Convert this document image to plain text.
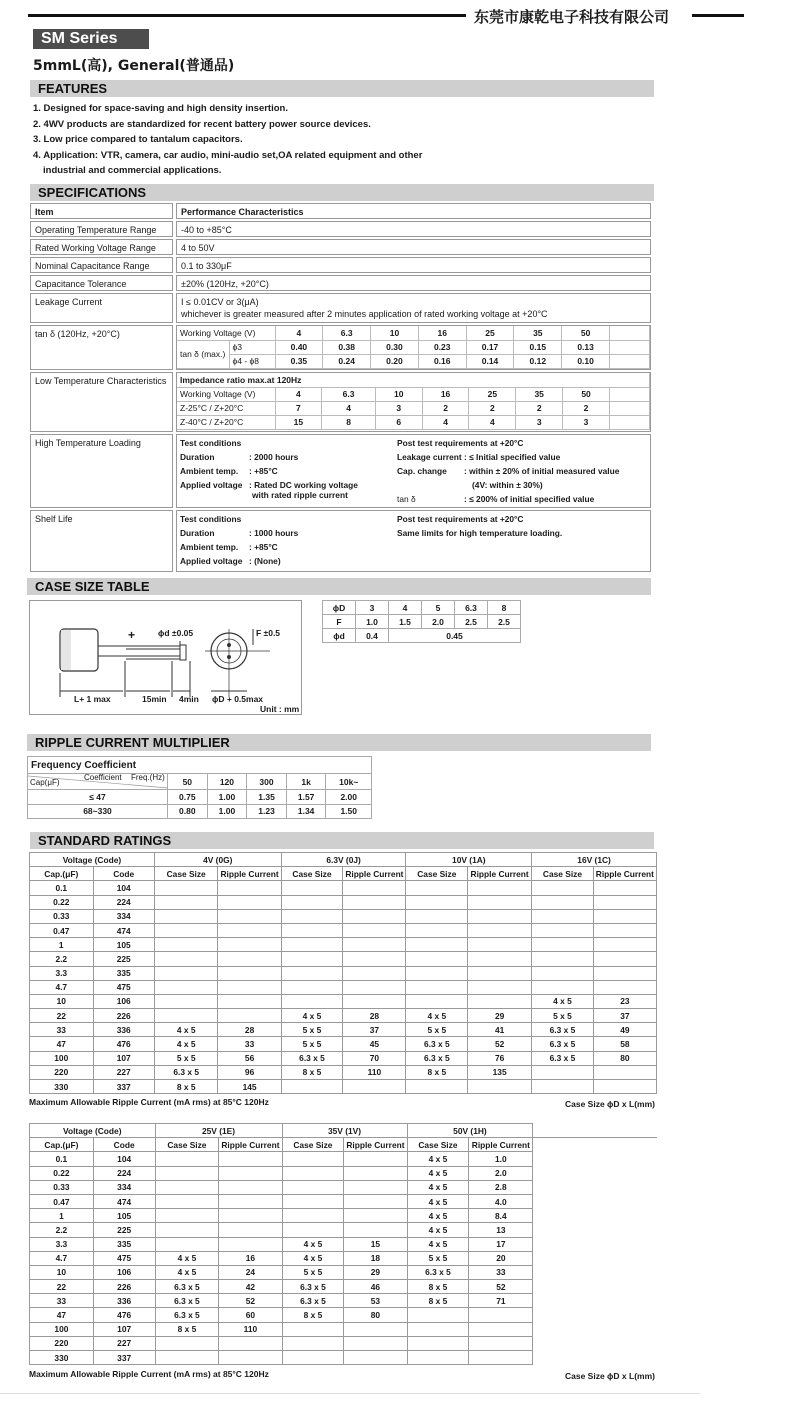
东莞市康乾电子科技有限公司
SM Series
5mmL(高), General(普通品)
FEATURES
1. Designed for space-saving and high density insertion.
2. 4WV products are standardized for recent battery power source devices.
3. Low price compared to tantalum capacitors.
4. Application: VTR, camera, car audio, mini-audio set,OA related equipment and other
industrial and commercial applications.
SPECIFICATIONS
Item	Performance Characteristics
Operating Temperature Range	-40 to +85°C
Rated Working Voltage Range	4 to 50V
Nominal Capacitance Range	0.1 to 330μF
Capacitance Tolerance	±20% (120Hz, +20°C)
Leakage Current	I ≤ 0.01CV or 3(μA)
whichever is greater measured after 2 minutes application of rated working voltage at +20°C
tan δ (120Hz, +20°C)	Working Voltage (V)		4	6.3	10	16	25	35	50	
tan δ (max.)	ϕ3	0.40	0.38	0.30	0.23	0.17	0.15	0.13	
	ϕ4 - ϕ8	0.35	0.24	0.20	0.16	0.14	0.12	0.10	
Low Temperature Characteristics	Impedance ratio max.at 120Hz								
Working Voltage (V)	4	6.3	10	16	25	35	50	
Z-25°C / Z+20°C	7	4	3	2	2	2	2	
Z-40°C / Z+20°C	15	8	6	4	4	3	3	
High Temperature Loading	Test conditions
Duration	: 2000 hours
Ambient temp. : +85°C
Applied voltage : Rated DC working voltage
with rated ripple current
Post test requirements at +20°C
Leakage current : ≤ Initial specified value
Cap. change : within ± 20% of initial measured value
(4V: within ± 30%)
tan δ	: ≤ 200% of initial specified value
Shelf Life	Test conditions
Duration	: 1000 hours
Ambient temp. : +85°C
Applied voltage : (None)
Post test requirements at +20°C
Same limits for high temperature loading.
CASE SIZE TABLE
+	ϕd ±0.05	F ±0.5
L+ 1 max	15min 4min ϕD + 0.5max
Unit : mm
ϕD	3	4	5	6.3	8
F	1.0	1.5	2.0	2.5	2.5
ϕd	0.4	0.45			
RIPPLE CURRENT MULTIPLIER
Frequency Coefficient					

Cap(μF)
Coefficient Freq.(Hz)	50	120	300	1k	10k~
≤ 47	0.75	1.00	1.35	1.57	2.00
68~330	0.80	1.00	1.23	1.34	1.50
STANDARD RATINGS
Voltage (Code)		4V (0G)		6.3V (0J)		10V (1A)		16V (1C)	
Cap.(μF)	Code	Case Size	Ripple Current	Case Size	Ripple Current	Case Size	Ripple Current	Case Size	Ripple Current
0.1	104								
0.22	224								
0.33	334								
0.47	474								
1	105								
2.2	225								
3.3	335								
4.7	475								
10	106							4 x 5	23
22	226			4 x 5	28	4 x 5	29	5 x 5	37
33	336	4 x 5	28	5 x 5	37	5 x 5	41	6.3 x 5	49
47	476	4 x 5	33	5 x 5	45	6.3 x 5	52	6.3 x 5	58
100	107	5 x 5	56	6.3 x 5	70	6.3 x 5	76	6.3 x 5	80
220	227	6.3 x 5	96	8 x 5	110	8 x 5	135		
330	337	8 x 5	145						
Maximum Allowable Ripple Current (mA rms) at 85°C 120Hz	Case Size ϕD x L(mm)
Voltage (Code)		25V (1E)		35V (1V)		50V (1H)			
Cap.(μF)	Code	Case Size	Ripple Current	Case Size	Ripple Current	Case Size	Ripple Current		
0.1	104					4 x 5	1.0		
0.22	224					4 x 5	2.0		
0.33	334					4 x 5	2.8		
0.47	474					4 x 5	4.0		
1	105					4 x 5	8.4		
2.2	225					4 x 5	13		
3.3	335			4 x 5	15	4 x 5	17		
4.7	475	4 x 5	16	4 x 5	18	5 x 5	20		
10	106	4 x 5	24	5 x 5	29	6.3 x 5	33		
22	226	6.3 x 5	42	6.3 x 5	46	8 x 5	52		
33	336	6.3 x 5	52	6.3 x 5	53	8 x 5	71		
47	476	6.3 x 5	60	8 x 5	80				
100	107	8 x 5	110						
220	227								
330	337								
Maximum Allowable Ripple Current (mA rms) at 85°C 120Hz	Case Size ϕD x L(mm)
